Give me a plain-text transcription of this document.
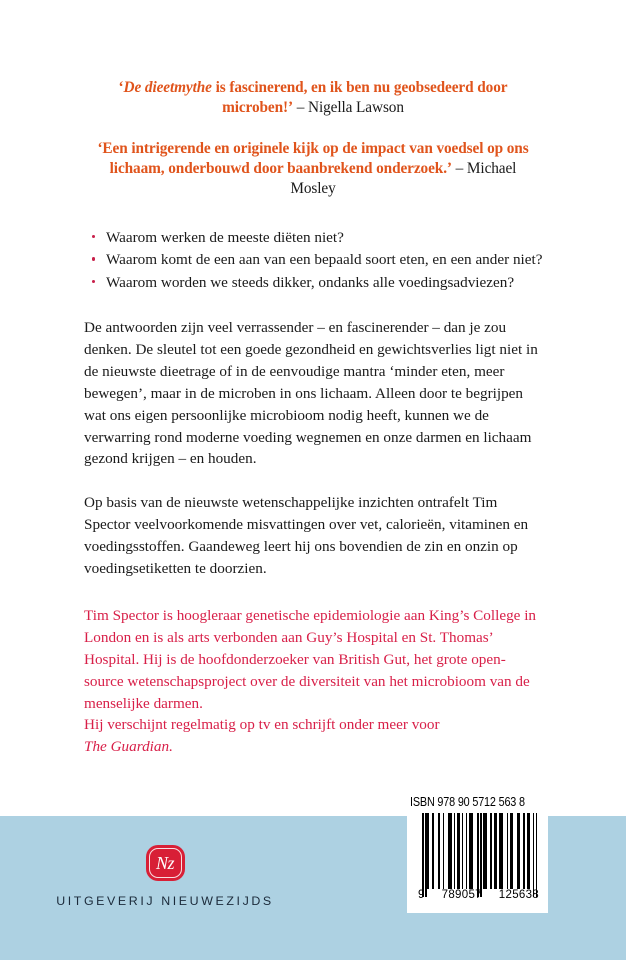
‘De dieetmythe is fascinerend, en ik ben nu geobsedeerd door microben!’ – Nigella Lawson

‘Een intrigerende en originele kijk op de impact van voedsel op ons lichaam, onderbouwd door baanbrekend onderzoek.’ – Michael Mosley

Waarom werken de meeste diëten niet?
Waarom komt de een aan van een bepaald soort eten, en een ander niet?
Waarom worden we steeds dikker, ondanks alle voedingsadviezen?

De antwoorden zijn veel verrassender – en fascinerender – dan je zou denken. De sleutel tot een goede gezondheid en gewichtsverlies ligt niet in de nieuwste dieetrage of in de eenvoudige mantra ‘minder eten, meer bewegen’, maar in de microben in ons lichaam. Alleen door te begrijpen wat ons eigen persoonlijke microbioom nodig heeft, kunnen we de verwarring rond moderne voeding wegnemen en onze darmen en lichaam gezond krijgen – en houden.

Op basis van de nieuwste wetenschappelijke inzichten ontrafelt Tim Spector veelvoorkomende misvattingen over vet, calorieën, vitaminen en voedingsstoffen. Gaandeweg leert hij ons bovendien de zin en onzin op voedingsetiketten te doorzien.

Tim Spector is hoogleraar genetische epidemiologie aan King’s College in London en is als arts verbonden aan Guy’s Hospital en St. Thomas’ Hospital. Hij is de hoofdonderzoeker van British Gut, het grote open-source wetenschapsproject over de diversiteit van het microbioom van de menselijke darmen.
Hij verschijnt regelmatig op tv en schrijft onder meer voor
The Guardian.

Nz
UITGEVERIJ NIEUWEZIJDS
ISBN 978 90 5712 563 8
9 789057 125638
